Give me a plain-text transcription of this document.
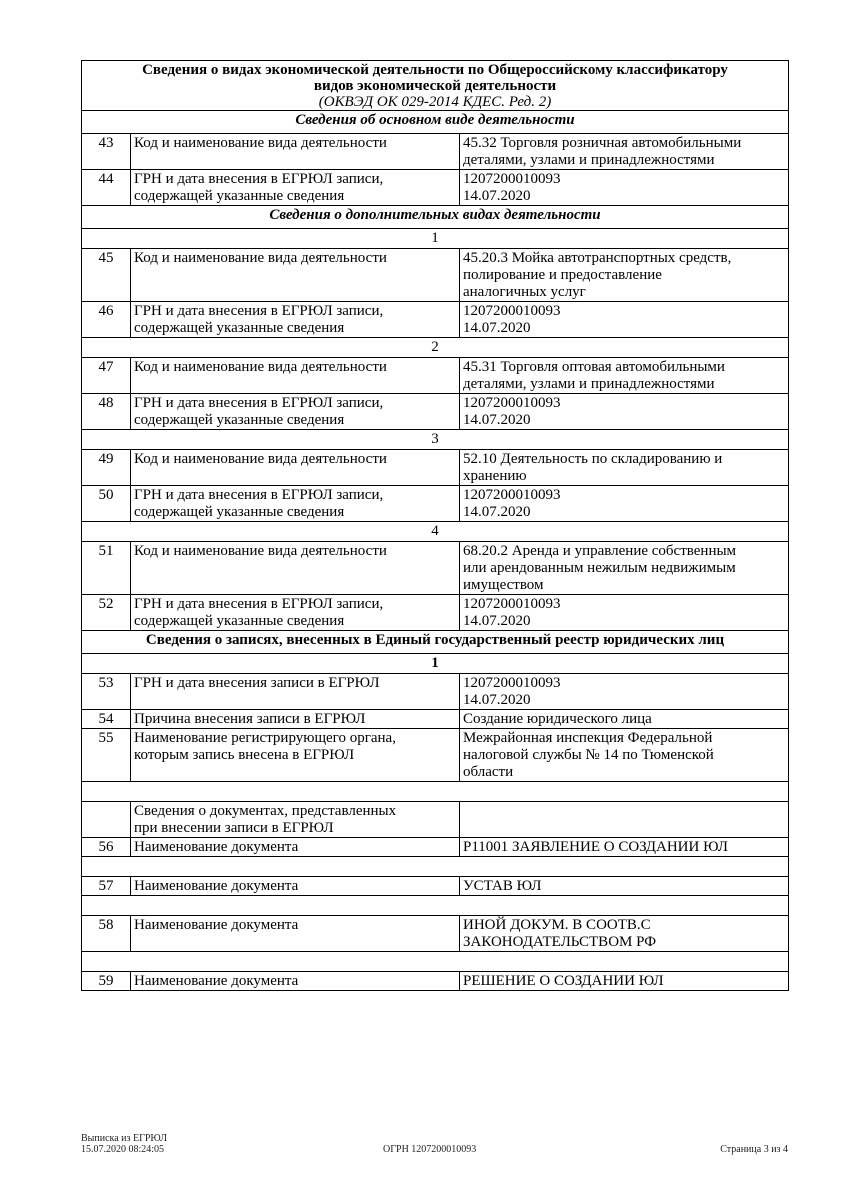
Сведения о видах экономической деятельности по Общероссийскому классификатору
видов экономической деятельности
(ОКВЭД ОК 029-2014 КДЕС. Ред. 2)		

Сведения об основном виде деятельности		
43	Код и наименование вида деятельности	45.32 Торговля розничная автомобильными
деталями, узлами и принадлежностями

44	ГРН и дата внесения в ЕГРЮЛ записи,
содержащей указанные сведения	1207200010093
14.07.2020

Сведения о дополнительных видах деятельности		
1		
45	Код и наименование вида деятельности	45.20.3 Мойка автотранспортных средств,
полирование и предоставление
аналогичных услуг

46	ГРН и дата внесения в ЕГРЮЛ записи,
содержащей указанные сведения	1207200010093
14.07.2020

2		
47	Код и наименование вида деятельности	45.31 Торговля оптовая автомобильными
деталями, узлами и принадлежностями

48	ГРН и дата внесения в ЕГРЮЛ записи,
содержащей указанные сведения	1207200010093
14.07.2020

3		
49	Код и наименование вида деятельности	52.10 Деятельность по складированию и
хранению

50	ГРН и дата внесения в ЕГРЮЛ записи,
содержащей указанные сведения	1207200010093
14.07.2020

4		
51	Код и наименование вида деятельности	68.20.2 Аренда и управление собственным
или арендованным нежилым недвижимым
имуществом

52	ГРН и дата внесения в ЕГРЮЛ записи,
содержащей указанные сведения	1207200010093
14.07.2020

Сведения о записях, внесенных в Единый государственный реестр юридических лиц		
1		
53	ГРН и дата внесения записи в ЕГРЮЛ	1207200010093
14.07.2020

54	Причина внесения записи в ЕГРЮЛ	Создание юридического лица
55	Наименование регистрирующего органа,
которым запись внесена в ЕГРЮЛ	Межрайонная инспекция Федеральной
налоговой службы № 14 по Тюменской
области

	Сведения о документах, представленных
при внесении записи в ЕГРЮЛ	

56	Наименование документа	Р11001 ЗАЯВЛЕНИЕ О СОЗДАНИИ ЮЛ

57	Наименование документа	УСТАВ ЮЛ

58	Наименование документа	ИНОЙ ДОКУМ. В СООТВ.С
ЗАКОНОДАТЕЛЬСТВОМ РФ

59	Наименование документа	РЕШЕНИЕ О СОЗДАНИИ ЮЛ
Выписка из ЕГРЮЛ
15.07.2020 08:24:05	ОГРН 1207200010093	Страница 3 из 4
